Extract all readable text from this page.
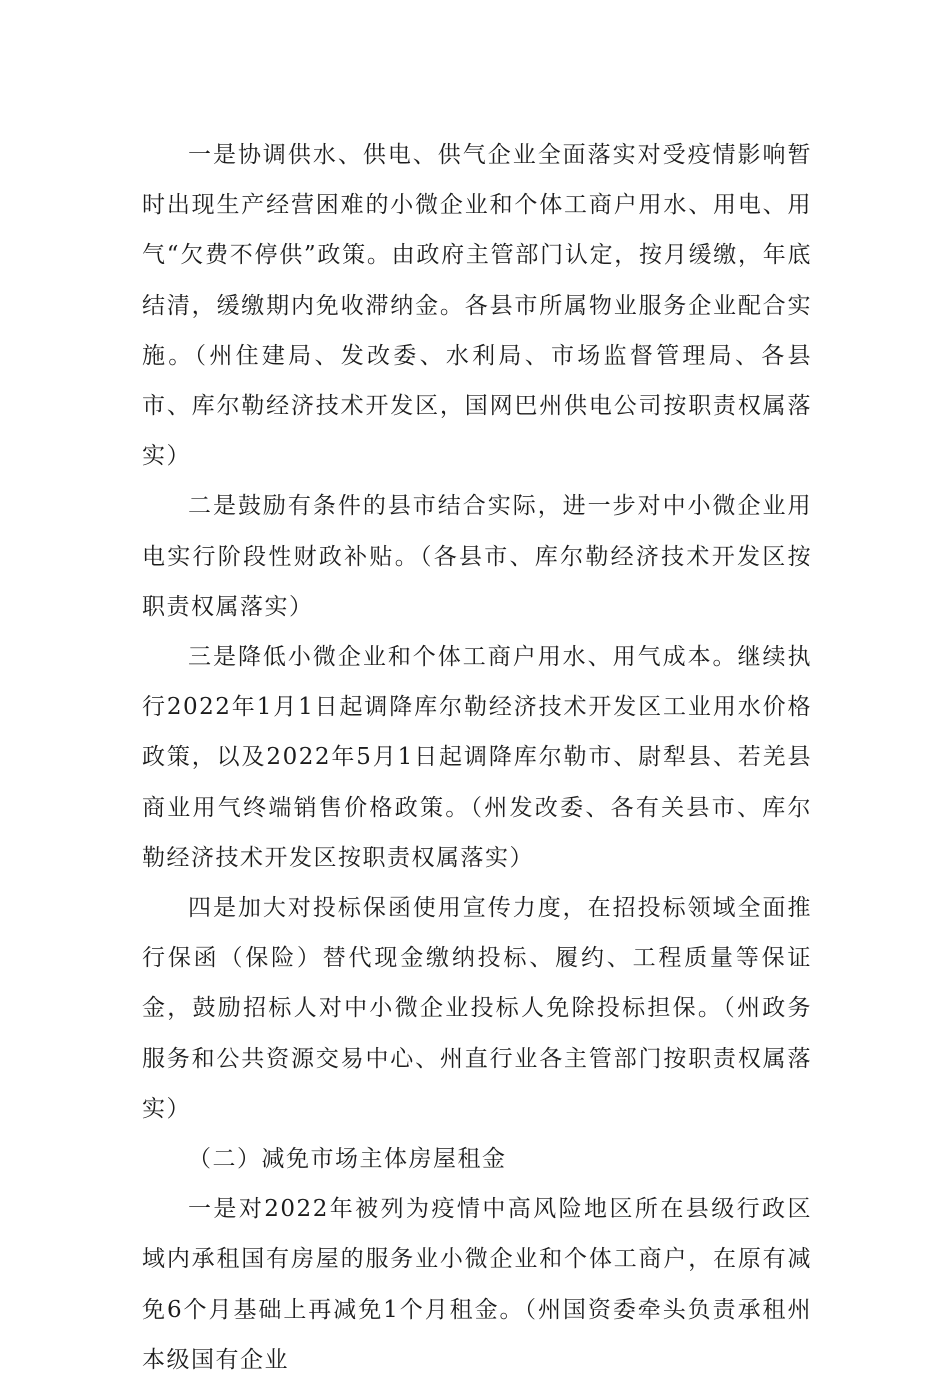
一是协调供水、供电、供气企业全面落实对受疫情影响暂时出现生产经营困难的小微企业和个体工商户用水、用电、用气“欠费不停供”政策。由政府主管部门认定，按月缓缴，年底结清，缓缴期内免收滞纳金。各县市所属物业服务企业配合实施。（州住建局、发改委、水利局、市场监督管理局、各县市、库尔勒经济技术开发区，国网巴州供电公司按职责权属落实）

二是鼓励有条件的县市结合实际，进一步对中小微企业用电实行阶段性财政补贴。（各县市、库尔勒经济技术开发区按职责权属落实）

三是降低小微企业和个体工商户用水、用气成本。继续执行2022年1月1日起调降库尔勒经济技术开发区工业用水价格政策，以及2022年5月1日起调降库尔勒市、尉犁县、若羌县商业用气终端销售价格政策。（州发改委、各有关县市、库尔勒经济技术开发区按职责权属落实）

四是加大对投标保函使用宣传力度，在招投标领域全面推行保函（保险）替代现金缴纳投标、履约、工程质量等保证金，鼓励招标人对中小微企业投标人免除投标担保。（州政务服务和公共资源交易中心、州直行业各主管部门按职责权属落实）

（二）减免市场主体房屋租金

一是对2022年被列为疫情中高风险地区所在县级行政区域内承租国有房屋的服务业小微企业和个体工商户，在原有减免6个月基础上再减免1个月租金。（州国资委牵头负责承租州本级国有企业
